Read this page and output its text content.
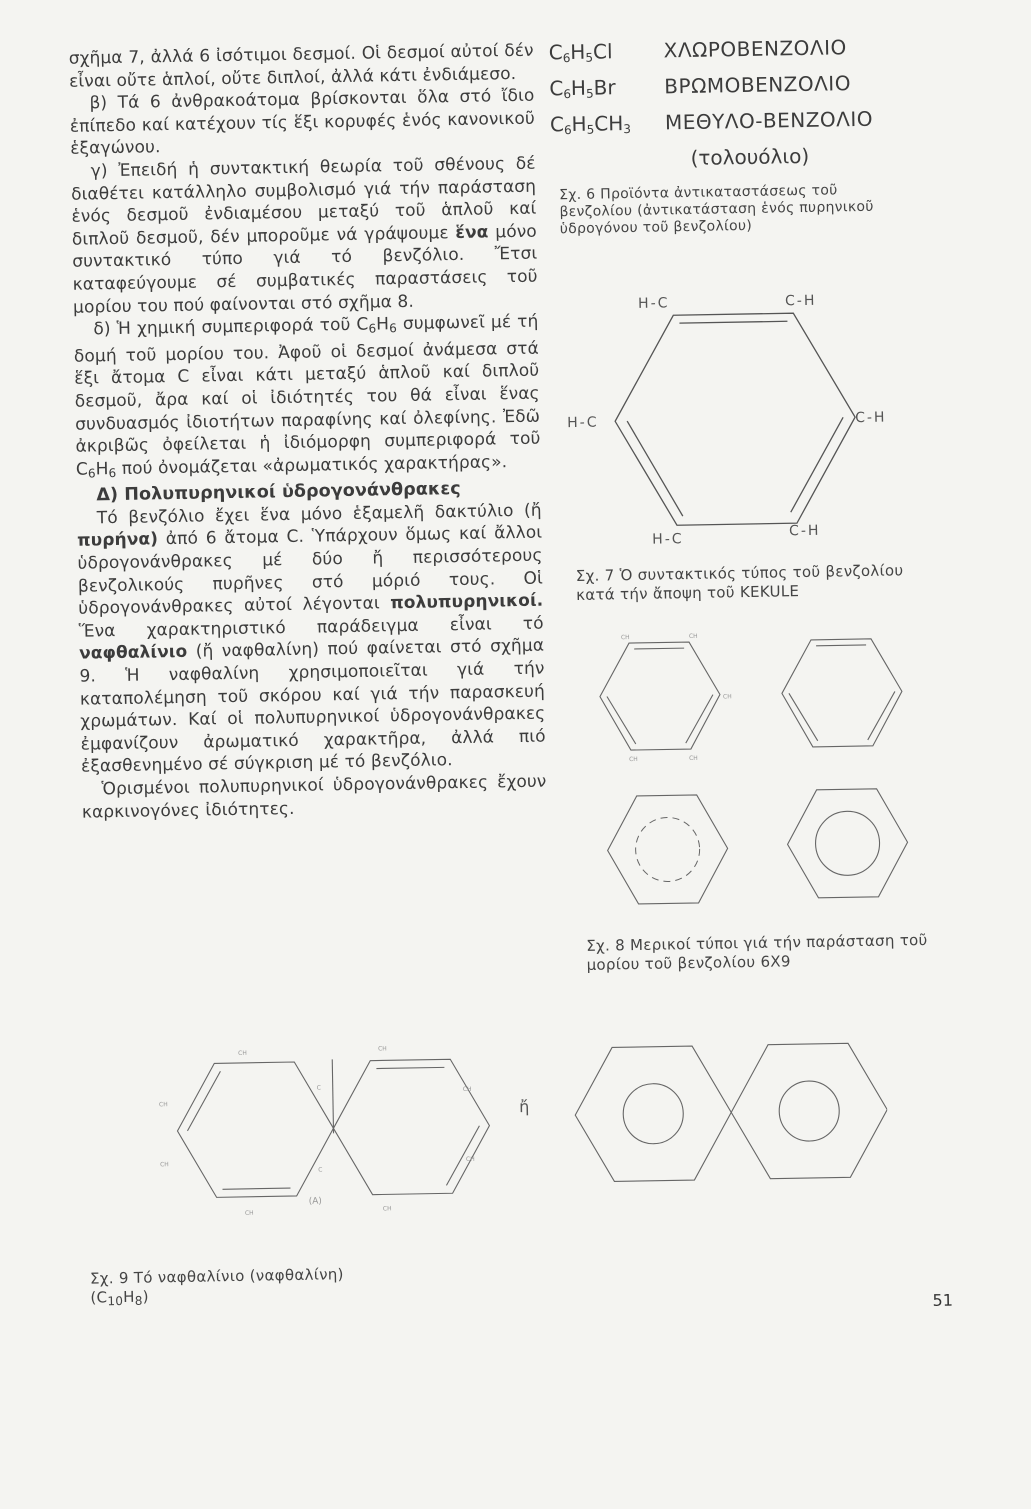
σχῆμα 7, ἀλλά 6 ἰσότιμοι δεσμοί. Οἱ δεσμοί αὐτοί δέν εἶναι οὔτε ἁπλοί, οὔτε διπλοί, ἀλλά κάτι ἐνδιάμεσο.

β) Τά 6 ἀνθρακοάτομα βρίσκονται ὅλα στό ἴδιο ἐπίπεδο καί κατέχουν τίς ἕξι κορυφές ἑνός κανονικοῦ ἑξαγώνου.

γ) Ἐπειδή ἡ συντακτική θεωρία τοῦ σθένους δέ διαθέτει κατάλληλο συμβολισμό γιά τήν παράσταση ἑνός δεσμοῦ ἐνδιαμέσου μεταξύ τοῦ ἁπλοῦ καί διπλοῦ δεσμοῦ, δέν μποροῦμε νά γράψουμε ἕνα μόνο συντακτικό τύπο γιά τό βενζόλιο. Ἔτσι καταφεύγουμε σέ συμβατικές παραστάσεις τοῦ μορίου του πού φαίνονται στό σχῆμα 8.

δ) Ἡ χημική συμπεριφορά τοῦ $C_6H_6$ συμφωνεῖ μέ τή δομή τοῦ μορίου του. Ἀφοῦ οἱ δεσμοί ἀνάμεσα στά ἕξι ἄτομα C εἶναι κάτι μεταξύ ἁπλοῦ καί διπλοῦ δεσμοῦ, ἄρα καί οἱ ἰδιότητές του θά εἶναι ἕνας συνδυασμός ἰδιοτήτων παραφίνης καί ὀλεφίνης. Ἐδῶ ἀκριβῶς ὀφείλεται ἡ ἰδιόμορφη συμπεριφορά τοῦ $C_6H_6$ πού ὀνομάζεται «ἀρωματικός χαρακτήρας».

Δ) Πολυπυρηνικοί ὑδρογονάνθρακες

Τό βενζόλιο ἔχει ἕνα μόνο ἑξαμελῆ δακτύλιο (ἤ πυρήνα) ἀπό 6 ἄτομα C. Ὑπάρχουν ὅμως καί ἄλλοι ὑδρογονάνθρακες μέ δύο ἤ περισσότερους βενζολικούς πυρῆνες στό μόριό τους. Οἱ ὑδρογονάνθρακες αὐτοί λέγονται πολυπυρηνικοί. Ἕνα χαρακτηριστικό παράδειγμα εἶναι τό ναφθαλίνιο (ἤ ναφθαλίνη) πού φαίνεται στό σχῆμα 9. Ἡ ναφθαλίνη χρησιμοποιεῖται γιά τήν καταπολέμηση τοῦ σκόρου καί γιά τήν παρασκευή χρωμάτων. Καί οἱ πολυπυρηνικοί ὑδρογονάνθρακες ἐμφανίζουν ἀρωματικό χαρακτῆρα, ἀλλά πιό ἐξασθενημένο σέ σύγκριση μέ τό βενζόλιο.

Ὁρισμένοι πολυπυρηνικοί ὑδρογονάνθρακες ἔχουν καρκινογόνες ἰδιότητες.

$C_6H_5Cl$	ΧΛΩΡΟΒΕΝΖΟΛΙΟ
$C_6H_5Br$	ΒΡΩΜΟΒΕΝΖΟΛΙΟ
$C_6H_5CH_3$	ΜΕΘΥΛΟ-ΒΕΝΖΟΛΙΟ
(τολουόλιο)
Σχ. 6 Προϊόντα ἀντικαταστάσεως τοῦ βενζολίου (ἀντικατάσταση ἑνός πυρηνικοῦ ὑδρογόνου τοῦ βενζολίου)
H-C	C-H
H-C	C-H
H-C
C-H
Σχ. 7 Ὁ συντακτικός τύπος τοῦ βενζολίου κατά τήν ἄποψη τοῦ KEKULE
CH	CH
CH
CH	CH
Σχ. 8 Μερικοί τύποι γιά τήν παράσταση τοῦ μορίου τοῦ βενζολίου 6Χ9
CH
CH
CH
CH
CH
CH
C
C
CH
CH
(A)
ἤ
Σχ. 9 Τό ναφθαλίνιο (ναφθαλίνη)
$(C_{10}H_8)$	51
